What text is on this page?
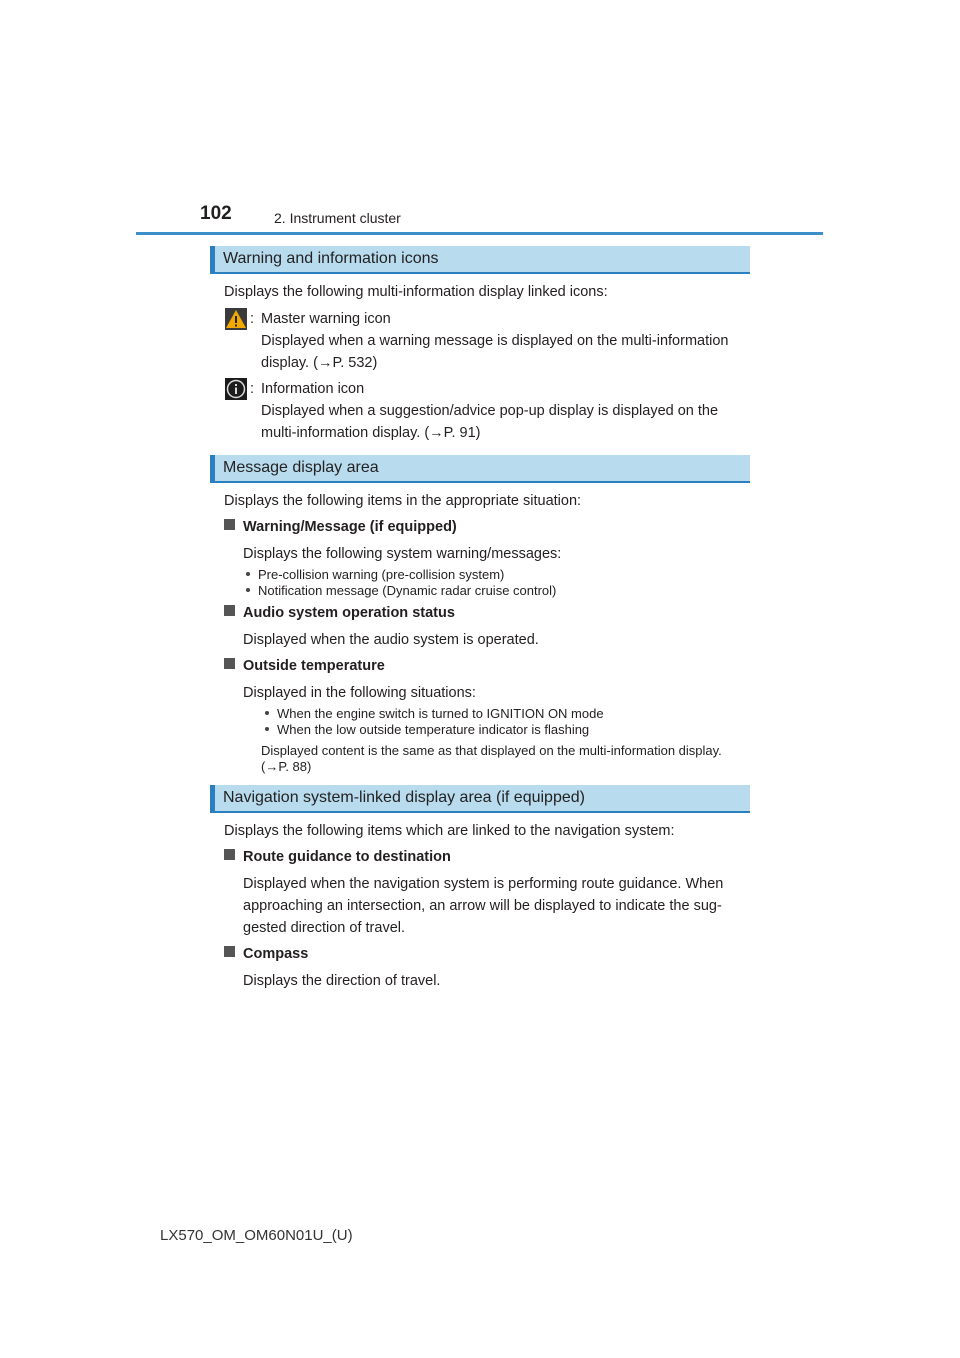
102	2. Instrument cluster
Warning and information icons
Displays the following multi-information display linked icons:
: Master warning icon
Displayed when a warning message is displayed on the multi-information
display. (→P. 532)
: Information icon
Displayed when a suggestion/advice pop-up display is displayed on the
multi-information display. (→P. 91)
Message display area
Displays the following items in the appropriate situation:
Warning/Message (if equipped)
Displays the following system warning/messages:
Pre-collision warning (pre-collision system)
Notification message (Dynamic radar cruise control)
Audio system operation status
Displayed when the audio system is operated.
Outside temperature
Displayed in the following situations:
When the engine switch is turned to IGNITION ON mode
When the low outside temperature indicator is flashing
Displayed content is the same as that displayed on the multi-information display.
(→P. 88)
Navigation system-linked display area (if equipped)
Displays the following items which are linked to the navigation system:
Route guidance to destination
Displayed when the navigation system is performing route guidance. When
approaching an intersection, an arrow will be displayed to indicate the sug-
gested direction of travel.
Compass
Displays the direction of travel.
LX570_OM_OM60N01U_(U)
